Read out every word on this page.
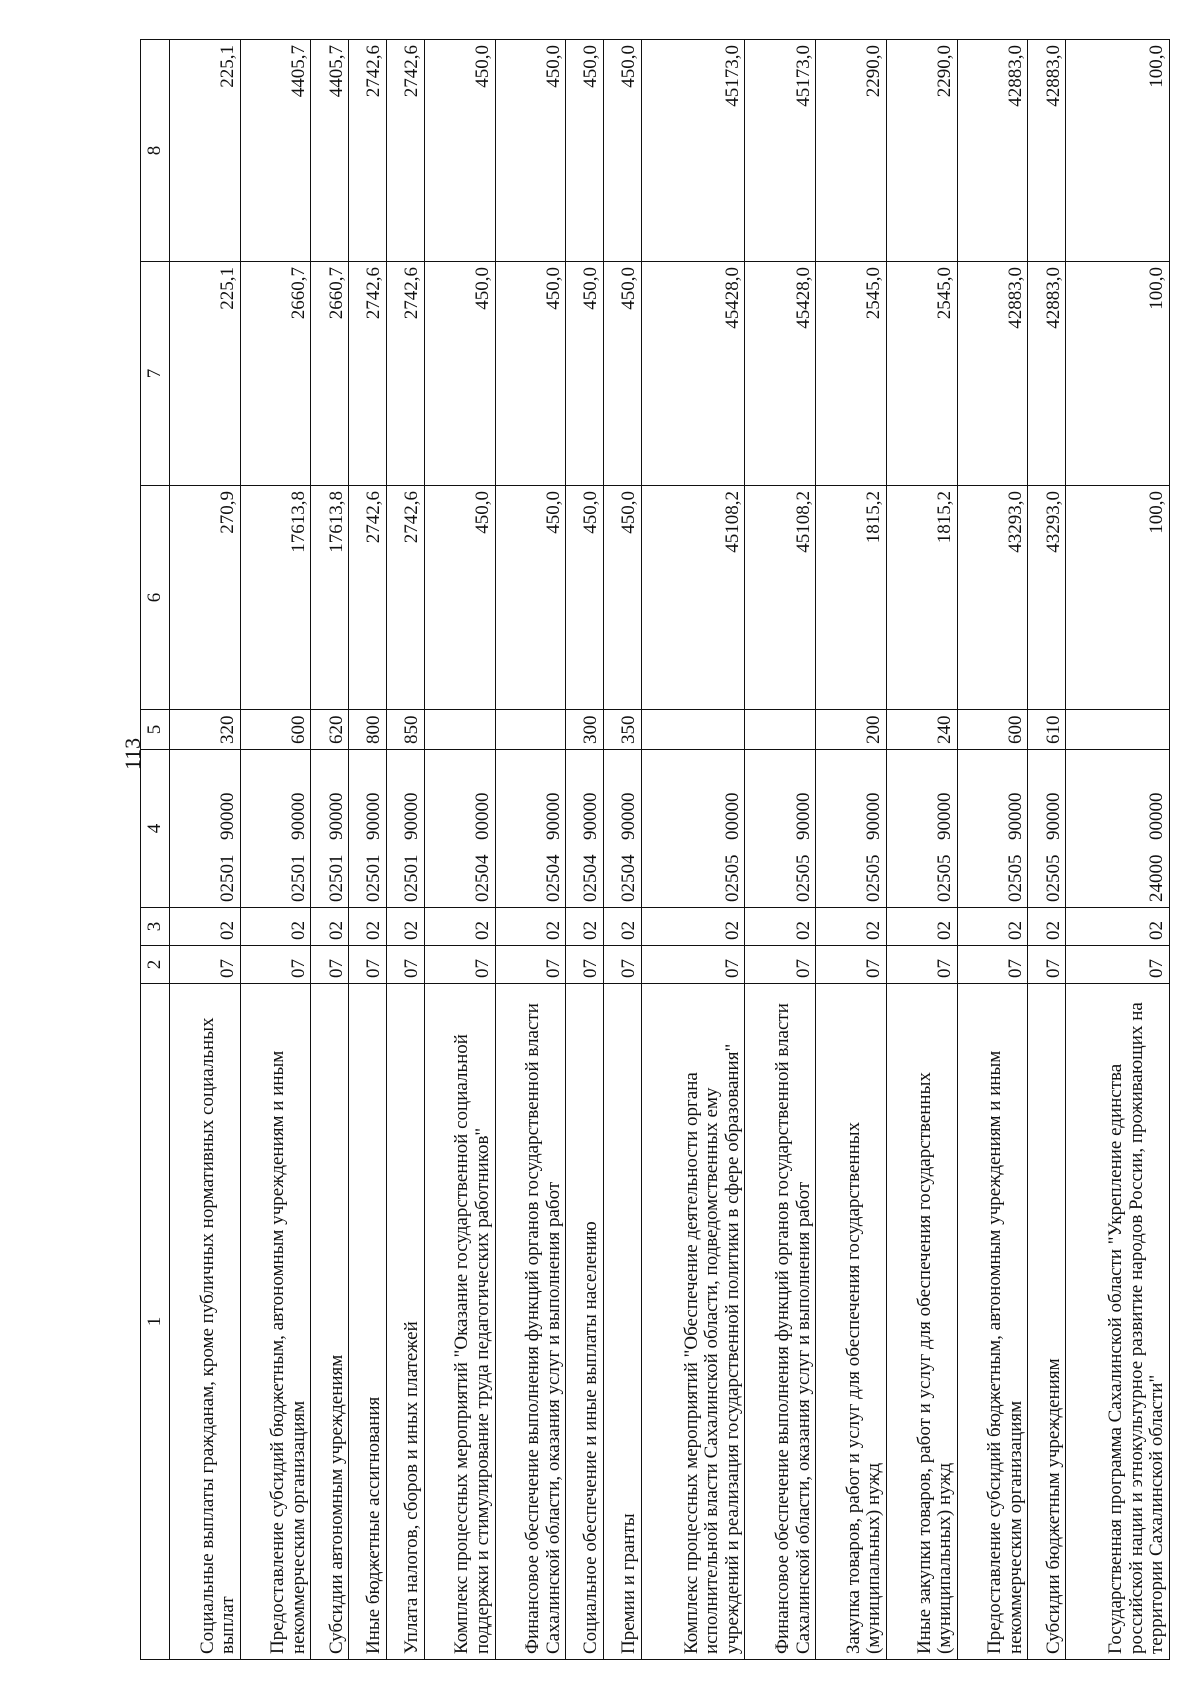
113
1	2	3	4	5	6	7	8
Социальные выплаты гражданам, кроме публичных нормативных социальных выплат	07	02	0250190000	320	270,9	225,1	225,1
Предоставление субсидий бюджетным, автономным учреждениям и иным некоммерческим организациям	07	02	0250190000	600	17613,8	2660,7	4405,7
Субсидии автономным учреждениям	07	02	0250190000	620	17613,8	2660,7	4405,7
Иные бюджетные ассигнования	07	02	0250190000	800	2742,6	2742,6	2742,6
Уплата налогов, сборов и иных платежей	07	02	0250190000	850	2742,6	2742,6	2742,6
Комплекс процессных мероприятий "Оказание государственной социальной поддержки и стимулирование труда педагогических работников"	07	02	0250400000		450,0	450,0	450,0
Финансовое обеспечение выполнения функций органов государственной власти Сахалинской области, оказания услуг и выполнения работ	07	02	0250490000		450,0	450,0	450,0
Социальное обеспечение и иные выплаты населению	07	02	0250490000	300	450,0	450,0	450,0
Премии и гранты	07	02	0250490000	350	450,0	450,0	450,0
Комплекс процессных мероприятий "Обеспечение деятельности органа исполнительной власти Сахалинской области, подведомственных ему учреждений и реализация государственной политики в сфере образования"	07	02	0250500000		45108,2	45428,0	45173,0
Финансовое обеспечение выполнения функций органов государственной власти Сахалинской области, оказания услуг и выполнения работ	07	02	0250590000		45108,2	45428,0	45173,0
Закупка товаров, работ и услуг для обеспечения государственных (муниципальных) нужд	07	02	0250590000	200	1815,2	2545,0	2290,0
Иные закупки товаров, работ и услуг для обеспечения государственных (муниципальных) нужд	07	02	0250590000	240	1815,2	2545,0	2290,0
Предоставление субсидий бюджетным, автономным учреждениям и иным некоммерческим организациям	07	02	0250590000	600	43293,0	42883,0	42883,0
Субсидии бюджетным учреждениям	07	02	0250590000	610	43293,0	42883,0	42883,0
Государственная программа Сахалинской области "Укрепление единства российской нации и этнокультурное развитие народов России, проживающих на территории Сахалинской области"	07	02	2400000000		100,0	100,0	100,0
